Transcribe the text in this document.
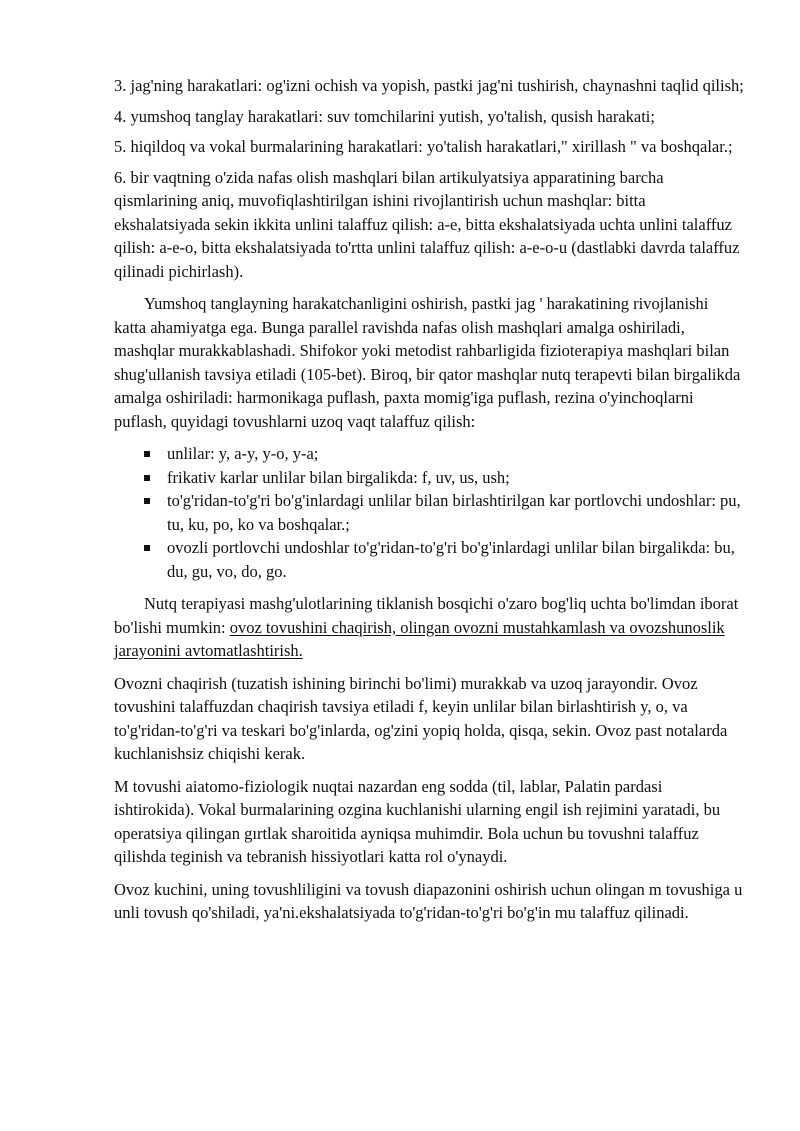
3. jag'ning harakatlari: og'izni ochish va yopish, pastki jag'ni tushirish, chaynashni taqlid qilish;

4. yumshoq tanglay harakatlari: suv tomchilarini yutish, yo'talish, qusish harakati;

5. hiqildoq va vokal burmalarining harakatlari: yo'talish harakatlari," xirillash " va boshqalar.;

6. bir vaqtning o'zida nafas olish mashqlari bilan artikulyatsiya apparatining barcha qismlarining aniq, muvofiqlashtirilgan ishini rivojlantirish uchun mashqlar: bitta ekshalatsiyada sekin ikkita unlini talaffuz qilish: a-e, bitta ekshalatsiyada uchta unlini talaffuz qilish: a-e-o, bitta ekshalatsiyada to'rtta unlini talaffuz qilish: a-e-o-u (dastlabki davrda talaffuz qilinadi pichirlash).

Yumshoq tanglayning harakatchanligini oshirish, pastki jag ' harakatining rivojlanishi katta ahamiyatga ega. Bunga parallel ravishda nafas olish mashqlari amalga oshiriladi, mashqlar murakkablashadi. Shifokor yoki metodist rahbarligida fizioterapiya mashqlari bilan shug'ullanish tavsiya etiladi (105-bet). Biroq, bir qator mashqlar nutq terapevti bilan birgalikda amalga oshiriladi: harmonikaga puflash, paxta momig'iga puflash, rezina o'yinchoqlarni puflash, quyidagi tovushlarni uzoq vaqt talaffuz qilish:

unlilar: y, a-y, y-o, y-a;
frikativ karlar unlilar bilan birgalikda: f, uv, us, ush;
to'g'ridan-to'g'ri bo'g'inlardagi unlilar bilan birlashtirilgan kar portlovchi undoshlar: pu, tu, ku, po, ko va boshqalar.;
ovozli portlovchi undoshlar to'g'ridan-to'g'ri bo'g'inlardagi unlilar bilan birgalikda: bu, du, gu, vo, do, go.

Nutq terapiyasi mashg'ulotlarining tiklanish bosqichi o'zaro bog'liq uchta bo'limdan iborat bo'lishi mumkin: ovoz tovushini chaqirish, olingan ovozni mustahkamlash va ovozshunoslik jarayonini avtomatlashtirish.

Ovozni chaqirish (tuzatish ishining birinchi bo'limi) murakkab va uzoq jarayondir. Ovoz tovushini talaffuzdan chaqirish tavsiya etiladi f, keyin unlilar bilan birlashtirish y, o, va to'g'ridan-to'g'ri va teskari bo'g'inlarda, og'zini yopiq holda, qisqa, sekin. Ovoz past notalarda kuchlanishsiz chiqishi kerak.

M tovushi aiatomo-fiziologik nuqtai nazardan eng sodda (til, lablar, Palatin pardasi ishtirokida). Vokal burmalarining ozgina kuchlanishi ularning engil ish rejimini yaratadi, bu operatsiya qilingan gırtlak sharoitida ayniqsa muhimdir. Bola uchun bu tovushni talaffuz qilishda teginish va tebranish hissiyotlari katta rol o'ynaydi.

Ovoz kuchini, uning tovushliligini va tovush diapazonini oshirish uchun olingan m tovushiga u unli tovush qo'shiladi, ya'ni.ekshalatsiyada to'g'ridan-to'g'ri bo'g'in mu talaffuz qilinadi.
